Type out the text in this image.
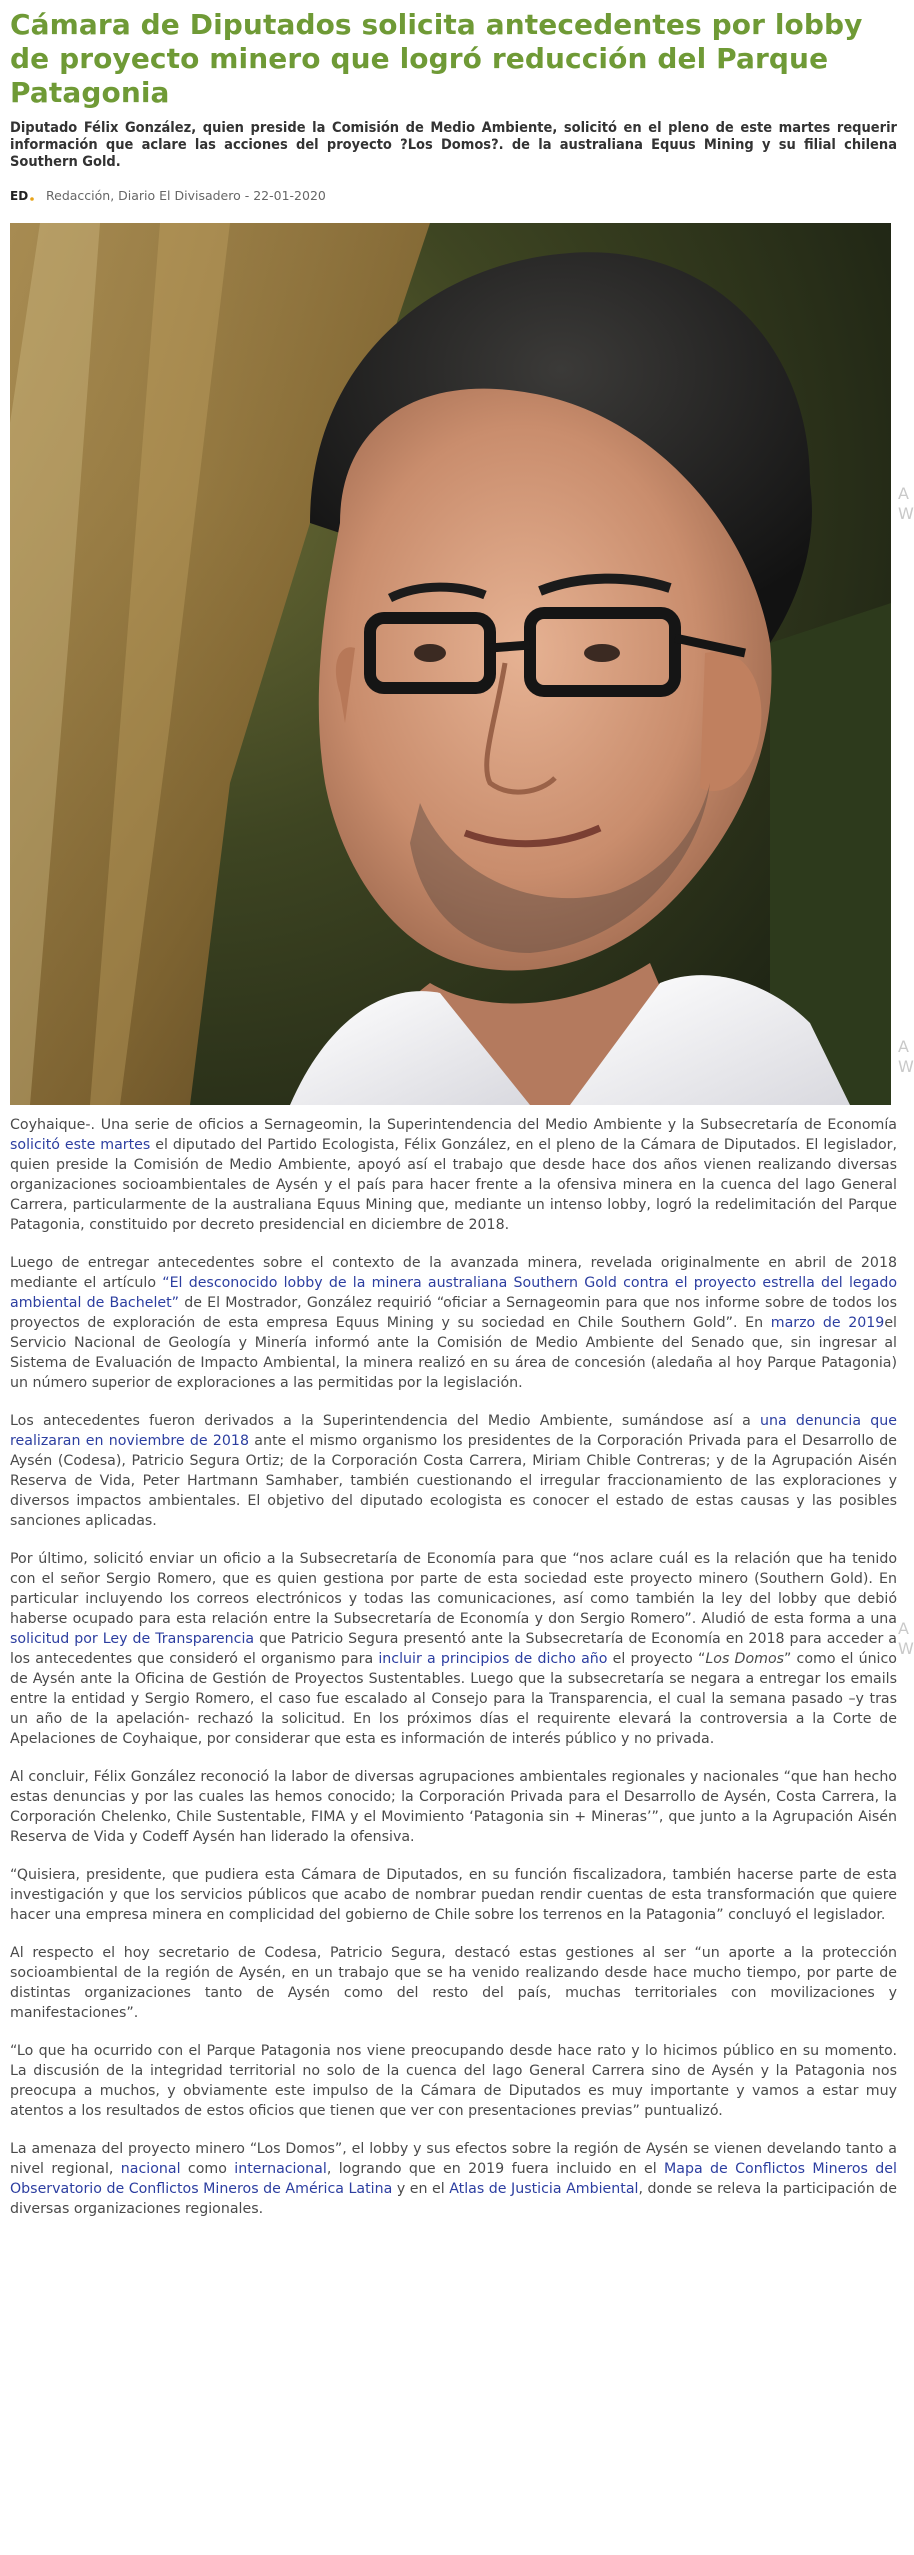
Cámara de Diputados solicita antecedentes por lobby de proyecto minero que logró reducción del Parque Patagonia

Diputado Félix González, quien preside la Comisión de Medio Ambiente, solicitó en el pleno de este martes requerir información que aclare las acciones del proyecto ?Los Domos?. de la australiana Equus Mining y su filial chilena Southern Gold.

ED Redacción, Diario El Divisadero - 22-01-2020

Coyhaique-. Una serie de oficios a Sernageomin, la Superintendencia del Medio Ambiente y la Subsecretaría de Economía solicitó este martes el diputado del Partido Ecologista, Félix González, en el pleno de la Cámara de Diputados. El legislador, quien preside la Comisión de Medio Ambiente, apoyó así el trabajo que desde hace dos años vienen realizando diversas organizaciones socioambientales de Aysén y el país para hacer frente a la ofensiva minera en la cuenca del lago General Carrera, particularmente de la australiana Equus Mining que, mediante un intenso lobby, logró la redelimitación del Parque Patagonia, constituido por decreto presidencial en diciembre de 2018.

Luego de entregar antecedentes sobre el contexto de la avanzada minera, revelada originalmente en abril de 2018 mediante el artículo “El desconocido lobby de la minera australiana Southern Gold contra el proyecto estrella del legado ambiental de Bachelet” de El Mostrador, González requirió “oficiar a Sernageomin para que nos informe sobre de todos los proyectos de exploración de esta empresa Equus Mining y su sociedad en Chile Southern Gold”. En marzo de 2019el Servicio Nacional de Geología y Minería informó ante la Comisión de Medio Ambiente del Senado que, sin ingresar al Sistema de Evaluación de Impacto Ambiental, la minera realizó en su área de concesión (aledaña al hoy Parque Patagonia) un número superior de exploraciones a las permitidas por la legislación.

Los antecedentes fueron derivados a la Superintendencia del Medio Ambiente, sumándose así a una denuncia que realizaran en noviembre de 2018 ante el mismo organismo los presidentes de la Corporación Privada para el Desarrollo de Aysén (Codesa), Patricio Segura Ortiz; de la Corporación Costa Carrera, Miriam Chible Contreras; y de la Agrupación Aisén Reserva de Vida, Peter Hartmann Samhaber, también cuestionando el irregular fraccionamiento de las exploraciones y diversos impactos ambientales. El objetivo del diputado ecologista es conocer el estado de estas causas y las posibles sanciones aplicadas.

Por último, solicitó enviar un oficio a la Subsecretaría de Economía para que “nos aclare cuál es la relación que ha tenido con el señor Sergio Romero, que es quien gestiona por parte de esta sociedad este proyecto minero (Southern Gold). En particular incluyendo los correos electrónicos y todas las comunicaciones, así como también la ley del lobby que debió haberse ocupado para esta relación entre la Subsecretaría de Economía y don Sergio Romero”. Aludió de esta forma a una solicitud por Ley de Transparencia que Patricio Segura presentó ante la Subsecretaría de Economía en 2018 para acceder a los antecedentes que consideró el organismo para incluir a principios de dicho año el proyecto “Los Domos” como el único de Aysén ante la Oficina de Gestión de Proyectos Sustentables. Luego que la subsecretaría se negara a entregar los emails entre la entidad y Sergio Romero, el caso fue escalado al Consejo para la Transparencia, el cual la semana pasado –y tras un año de la apelación- rechazó la solicitud. En los próximos días el requirente elevará la controversia a la Corte de Apelaciones de Coyhaique, por considerar que esta es información de interés público y no privada.

Al concluir, Félix González reconoció la labor de diversas agrupaciones ambientales regionales y nacionales “que han hecho estas denuncias y por las cuales las hemos conocido; la Corporación Privada para el Desarrollo de Aysén, Costa Carrera, la Corporación Chelenko, Chile Sustentable, FIMA y el Movimiento ‘Patagonia sin + Mineras’”, que junto a la Agrupación Aisén Reserva de Vida y Codeff Aysén han liderado la ofensiva.

“Quisiera, presidente, que pudiera esta Cámara de Diputados, en su función fiscalizadora, también hacerse parte de esta investigación y que los servicios públicos que acabo de nombrar puedan rendir cuentas de esta transformación que quiere hacer una empresa minera en complicidad del gobierno de Chile sobre los terrenos en la Patagonia” concluyó el legislador.

Al respecto el hoy secretario de Codesa, Patricio Segura, destacó estas gestiones al ser “un aporte a la protección socioambiental de la región de Aysén, en un trabajo que se ha venido realizando desde hace mucho tiempo, por parte de distintas organizaciones tanto de Aysén como del resto del país, muchas territoriales con movilizaciones y manifestaciones”.

“Lo que ha ocurrido con el Parque Patagonia nos viene preocupando desde hace rato y lo hicimos público en su momento. La discusión de la integridad territorial no solo de la cuenca del lago General Carrera sino de Aysén y la Patagonia nos preocupa a muchos, y obviamente este impulso de la Cámara de Diputados es muy importante y vamos a estar muy atentos a los resultados de estos oficios que tienen que ver con presentaciones previas” puntualizó.

La amenaza del proyecto minero “Los Domos”, el lobby y sus efectos sobre la región de Aysén se vienen develando tanto a nivel regional, nacional como internacional, logrando que en 2019 fuera incluido en el Mapa de Conflictos Mineros del Observatorio de Conflictos Mineros de América Latina y en el Atlas de Justicia Ambiental, donde se releva la participación de diversas organizaciones regionales.

A
W
A
W
A
W
